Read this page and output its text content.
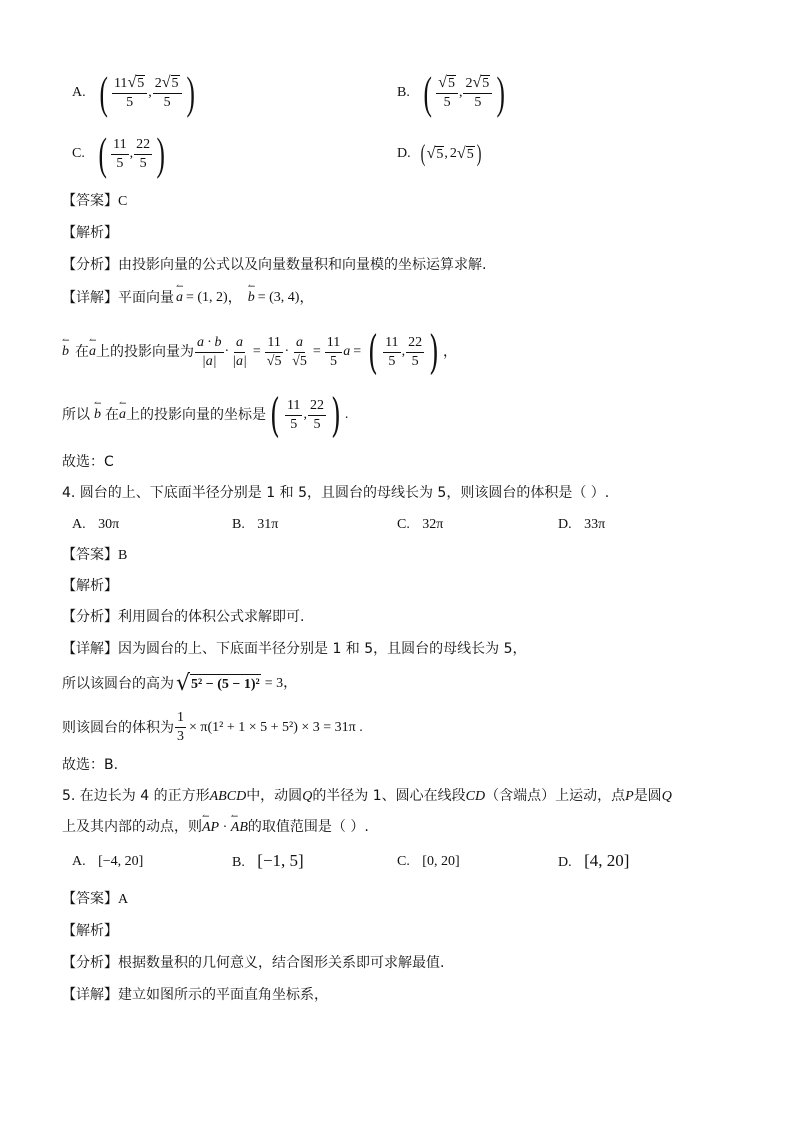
A. ( $\frac{11 √ 5}{5}$ , $\frac{2 √ 5}{5}$ )	B. ( $\frac{√ 5}{5}$ , $\frac{2 √ 5}{5}$ )
C. ( $\frac{11}{5}$ , $\frac{22}{5}$ )	D. ( √ 5 , 2 √ 5 )
【答案】C
【解析】
【分析】由投影向量的公式以及向量数量积和向量模的坐标运算求解.
【详解】 平面向量 ↼ a = (1, 2) ， ↼ b = (3, 4) ，
↼ b 在 ↼ a 上的投影向量为 $\frac{a \cdot b}{|a|} \cdot \frac{a}{|a|} = \frac{11}{√5} \cdot \frac{a}{√5} = \frac{11}{5}$ a = ( $\frac{11}{5}$ , $\frac{22}{5}$ ) ，
所以 ↼ b 在 ↼ a 上的投影向量的坐标是 ( $\frac{11}{5}$ , $\frac{22}{5}$ ) .
故选：C
4. 圆台的上、下底面半径分别是 1 和 5，且圆台的母线长为 5，则该圆台的体积是（ ）.
A. 30π	B. 31π	C. 32π	D. 33π
【答案】B
【解析】
【分析】利用圆台的体积公式求解即可.
【详解】因为圆台的上、下底面半径分别是 1 和 5，且圆台的母线长为 5，
所以该圆台的高为 √ 5² − (5 − 1)² = 3，
则该圆台的体积为 $\frac{1}{3} \times \pi(1^2 + 1 \times 5 + 5^2) \times 3 = 31\pi$ .
故选：B.
5. 在边长为 4 的正方形ABCD中，动圆Q的半径为 1、圆心在线段CD（含端点）上运动，点P是圆Q
上及其内部的动点，则↼ AP · ↼ AB的取值范围是（ ）.
A. [−4, 20]	B. [−1, 5]	C. [0, 20]	D. [4, 20]
【答案】A
【解析】
【分析】根据数量积的几何意义，结合图形关系即可求解最值.
【详解】建立如图所示的平面直角坐标系，
